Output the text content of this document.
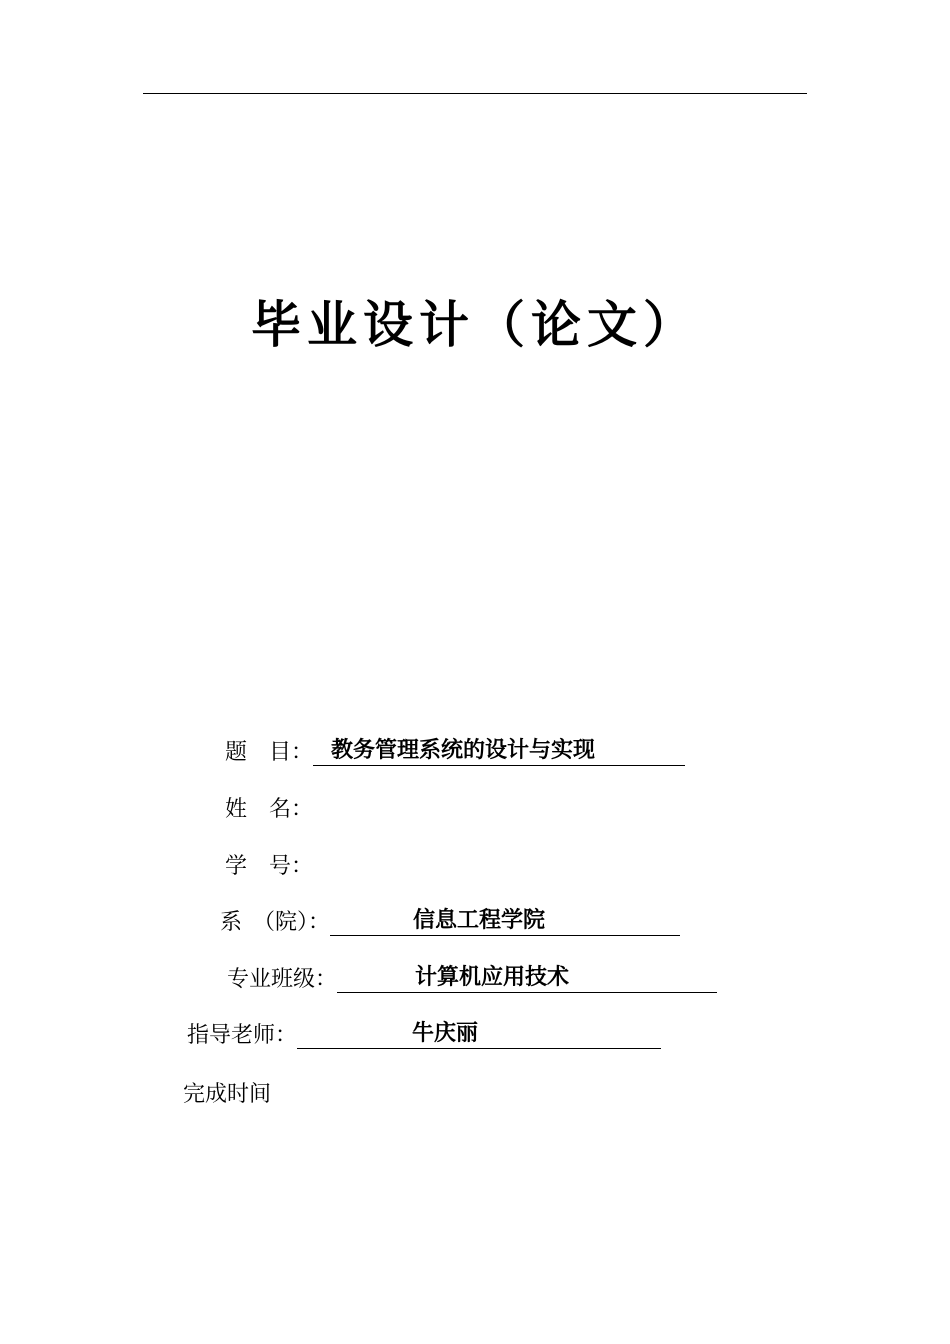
毕业设计（论文）
题　目： 教务管理系统的设计与实现
姓　名：
学　号：
系　（院）：	信息工程学院
专业班级：	计算机应用技术
指导老师：	牛庆丽
完成时间
